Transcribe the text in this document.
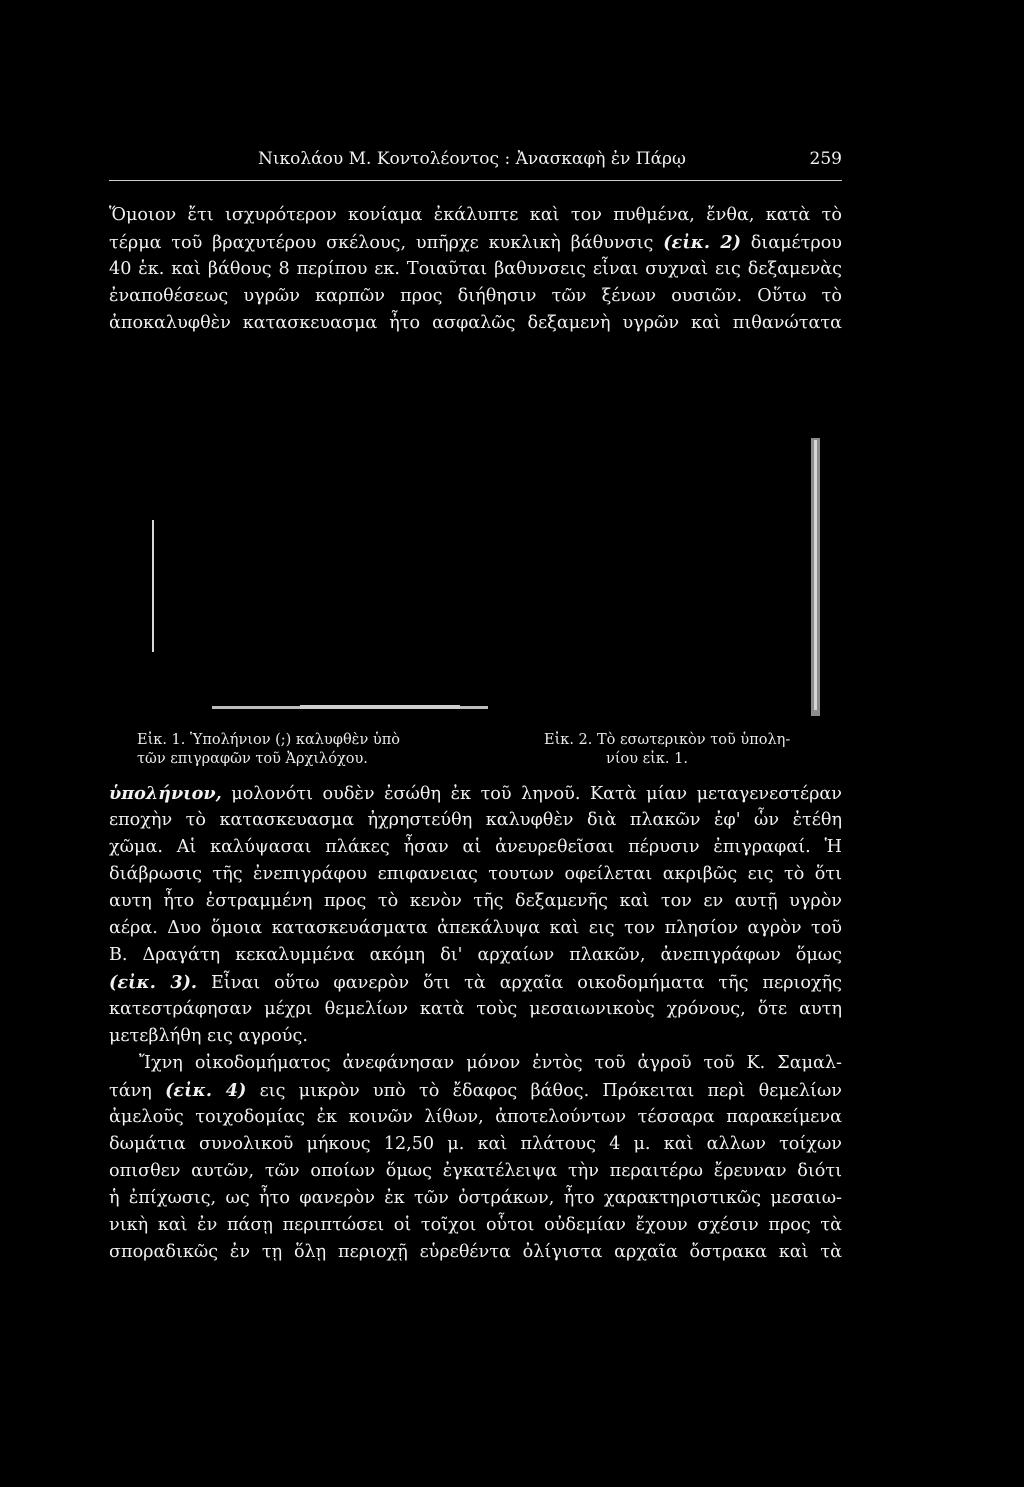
Νικολάου Μ. Κοντολέοντος : Ἀνασκαφὴ ἐν Πάρῳ	259
Ὅμοιον ἔτι ισχυρότερον κονίαμα ἐκάλυπτε καὶ τον πυθμένα, ἔνθα, κατὰ τὸ
τέρμα τοῦ βραχυτέρου σκέλους, υπῆρχε κυκλικὴ βάθυνσις (εἰκ. 2) διαμέτρου
40 ἑκ. καὶ βάθους 8 περίπου εκ. Τοιαῦται βαθυνσεις εἶναι συχναὶ εις δεξαμενὰς
ἐναποθέσεως υγρῶν καρπῶν προς διήθησιν τῶν ξένων ουσιῶν. Οὕτω τὸ
ἀποκαλυφθὲν κατασκευασμα ἦτο ασφαλῶς δεξαμενὴ υγρῶν καὶ πιθανώτατα
Εἰκ. 1. Ὑπολήνιον (;) καλυφθὲν ὑπὸ
τῶν επιγραφῶν τοῦ Ἀρχιλόχου.
Εἰκ. 2. Τὸ εσωτερικὸν τοῦ ὑπολη-
νίου εἰκ. 1.
ὑπολήνιον, μολονότι ουδὲν ἐσώθη ἐκ τοῦ ληνοῦ. Κατὰ μίαν μεταγενεστέραν
εποχὴν τὸ κατασκευασμα ἠχρηστεύθη καλυφθὲν διὰ πλακῶν ἐφ' ὧν ἐτέθη
χῶμα. Αἱ καλύψασαι πλάκες ἦσαν αἱ ἀνευρεθεῖσαι πέρυσιν ἐπιγραφαί. Ἡ
διάβρωσις τῆς ἐνεπιγράφου επιφανειας τουτων οφείλεται ακριβῶς εις τὸ ὅτι
αυτη ἦτο ἐστραμμένη προς τὸ κενὸν τῆς δεξαμενῆς καὶ τον εν αυτῇ υγρὸν
αέρα. Δυο ὅμοια κατασκευάσματα ἀπεκάλυψα καὶ εις τον πλησίον αγρὸν τοῦ
Β. Δραγάτη κεκαλυμμένα ακόμη δι' αρχαίων πλακῶν, ἀνεπιγράφων ὅμως
(εἰκ. 3). Εἶναι οὕτω φανερὸν ὅτι τὰ αρχαῖα οικοδομήματα τῆς περιοχῆς
κατεστράφησαν μέχρι θεμελίων κατὰ τοὺς μεσαιωνικοὺς χρόνους, ὅτε αυτη
μετεβλήθη εις αγρούς.
Ἴχνη οἰκοδομήματος ἀνεφάνησαν μόνον ἐντὸς τοῦ ἀγροῦ τοῦ Κ. Σαμαλ-
τάνη (εἰκ. 4) εις μικρὸν υπὸ τὸ ἔδαφος βάθος. Πρόκειται περὶ θεμελίων
ἀμελοῦς τοιχοδομίας ἐκ κοινῶν λίθων, ἀποτελούντων τέσσαρα παρακείμενα
δωμάτια συνολικοῦ μήκους 12,50 μ. καὶ πλάτους 4 μ. καὶ αλλων τοίχων
οπισθεν αυτῶν, τῶν οποίων ὅμως ἐγκατέλειψα τὴν περαιτέρω ἔρευναν διότι
ἡ ἐπίχωσις, ως ἦτο φανερὸν ἐκ τῶν ὀστράκων, ἦτο χαρακτηριστικῶς μεσαιω-
νικὴ καὶ ἐν πάσῃ περιπτώσει οἱ τοῖχοι οὗτοι οὐδεμίαν ἔχουν σχέσιν προς τὰ
σποραδικῶς ἐν τῃ ὅλῃ περιοχῇ εὑρεθέντα ὀλίγιστα αρχαῖα ὄστρακα καὶ τὰ
